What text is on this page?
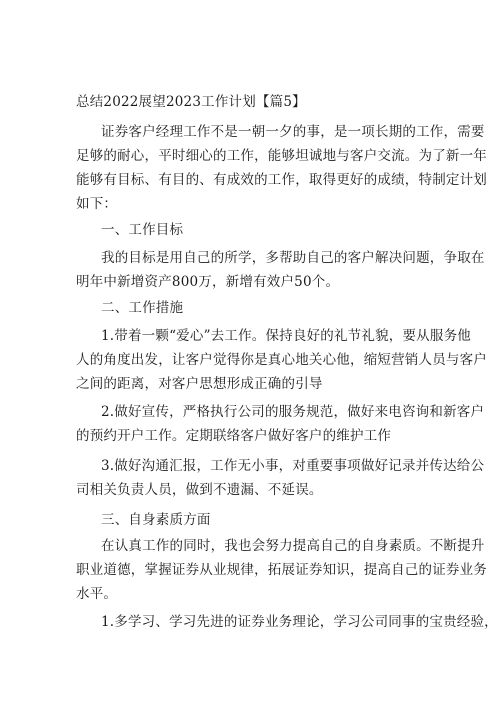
总结2022展望2023工作计划【篇5】
证券客户经理工作不是一朝一夕的事，是一项长期的工作，需要
足够的耐心，平时细心的工作，能够坦诚地与客户交流。为了新一年
能够有目标、有目的、有成效的工作，取得更好的成绩，特制定计划
如下：
一、工作目标
我的目标是用自己的所学，多帮助自己的客户解决问题，争取在
明年中新增资产800万，新增有效户50个。
二、工作措施
1.带着一颗“爱心”去工作。保持良好的礼节礼貌，要从服务他
人的角度出发，让客户觉得你是真心地关心他，缩短营销人员与客户
之间的距离，对客户思想形成正确的引导
2.做好宣传，严格执行公司的服务规范，做好来电咨询和新客户
的预约开户工作。定期联络客户做好客户的维护工作
3.做好沟通汇报，工作无小事，对重要事项做好记录并传达给公
司相关负责人员，做到不遗漏、不延误。
三、自身素质方面
在认真工作的同时，我也会努力提高自己的自身素质。不断提升
职业道德，掌握证券从业规律，拓展证券知识，提高自己的证券业务
水平。
1.多学习、学习先进的证券业务理论，学习公司同事的宝贵经验，
